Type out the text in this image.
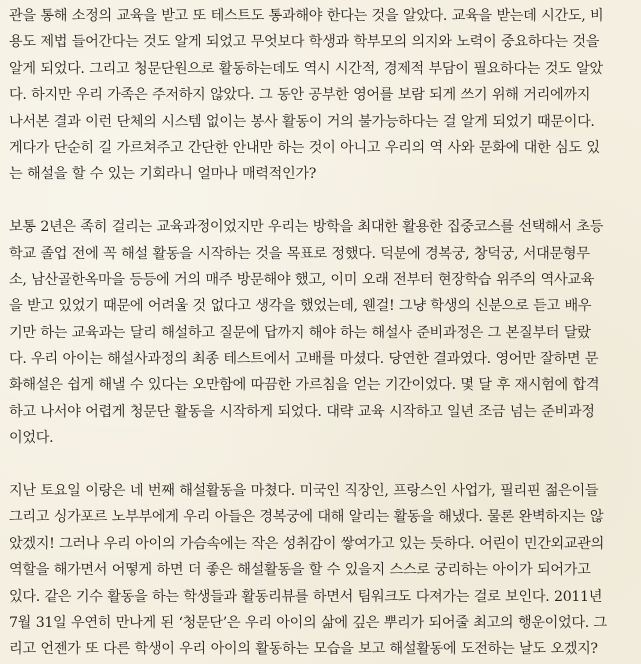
관을 통해 소정의 교육을 받고 또 테스트도 통과해야 한다는 것을 알았다. 교육을 받는데 시간도, 비
용도 제법 들어간다는 것도 알게 되었고 무엇보다 학생과 학부모의 의지와 노력이 중요하다는 것을
알게 되었다. 그리고 청문단원으로 활동하는데도 역시 시간적, 경제적 부담이 필요하다는 것도 알았
다. 하지만 우리 가족은 주저하지 않았다. 그 동안 공부한 영어를 보람 되게 쓰기 위해 거리에까지
나서본 결과 이런 단체의 시스템 없이는 봉사 활동이 거의 불가능하다는 걸 알게 되었기 때문이다.
게다가 단순히 길 가르쳐주고 간단한 안내만 하는 것이 아니고 우리의 역 사와 문화에 대한 심도 있
는 해설을 할 수 있는 기회라니 얼마나 매력적인가?
보통 2년은 족히 걸리는 교육과정이었지만 우리는 방학을 최대한 활용한 집중코스를 선택해서 초등
학교 졸업 전에 꼭 해설 활동을 시작하는 것을 목표로 정했다. 덕분에 경복궁, 창덕궁, 서대문형무
소, 남산골한옥마을 등등에 거의 매주 방문해야 했고, 이미 오래 전부터 현장학습 위주의 역사교육
을 받고 있었기 때문에 어려울 것 없다고 생각을 했었는데, 웬걸! 그냥 학생의 신분으로 듣고 배우
기만 하는 교육과는 달리 해설하고 질문에 답까지 해야 하는 해설사 준비과정은 그 본질부터 달랐
다. 우리 아이는 해설사과정의 최종 테스트에서 고배를 마셨다. 당연한 결과였다. 영어만 잘하면 문
화해설은 쉽게 해낼 수 있다는 오만함에 따끔한 가르침을 얻는 기간이었다. 몇 달 후 재시험에 합격
하고 나서야 어렵게 청문단 활동을 시작하게 되었다. 대략 교육 시작하고 일년 조금 넘는 준비과정
이었다.
지난 토요일 이랑은 네 번째 해설활동을 마쳤다. 미국인 직장인, 프랑스인 사업가, 필리핀 젊은이들
그리고 싱가포르 노부부에게 우리 아들은 경복궁에 대해 알리는 활동을 해냈다. 물론 완벽하지는 않
았겠지! 그러나 우리 아이의 가슴속에는 작은 성취감이 쌓여가고 있는 듯하다. 어린이 민간외교관의
역할을 해가면서 어떻게 하면 더 좋은 해설활동을 할 수 있을지 스스로 궁리하는 아이가 되어가고
있다. 같은 기수 활동을 하는 학생들과 활동리뷰를 하면서 팀워크도 다져가는 걸로 보인다. 2011년
7월 31일 우연히 만나게 된 ‘청문단’은 우리 아이의 삶에 깊은 뿌리가 되어줄 최고의 행운이었다. 그
리고 언젠가 또 다른 학생이 우리 아이의 활동하는 모습을 보고 해설활동에 도전하는 날도 오겠지?
